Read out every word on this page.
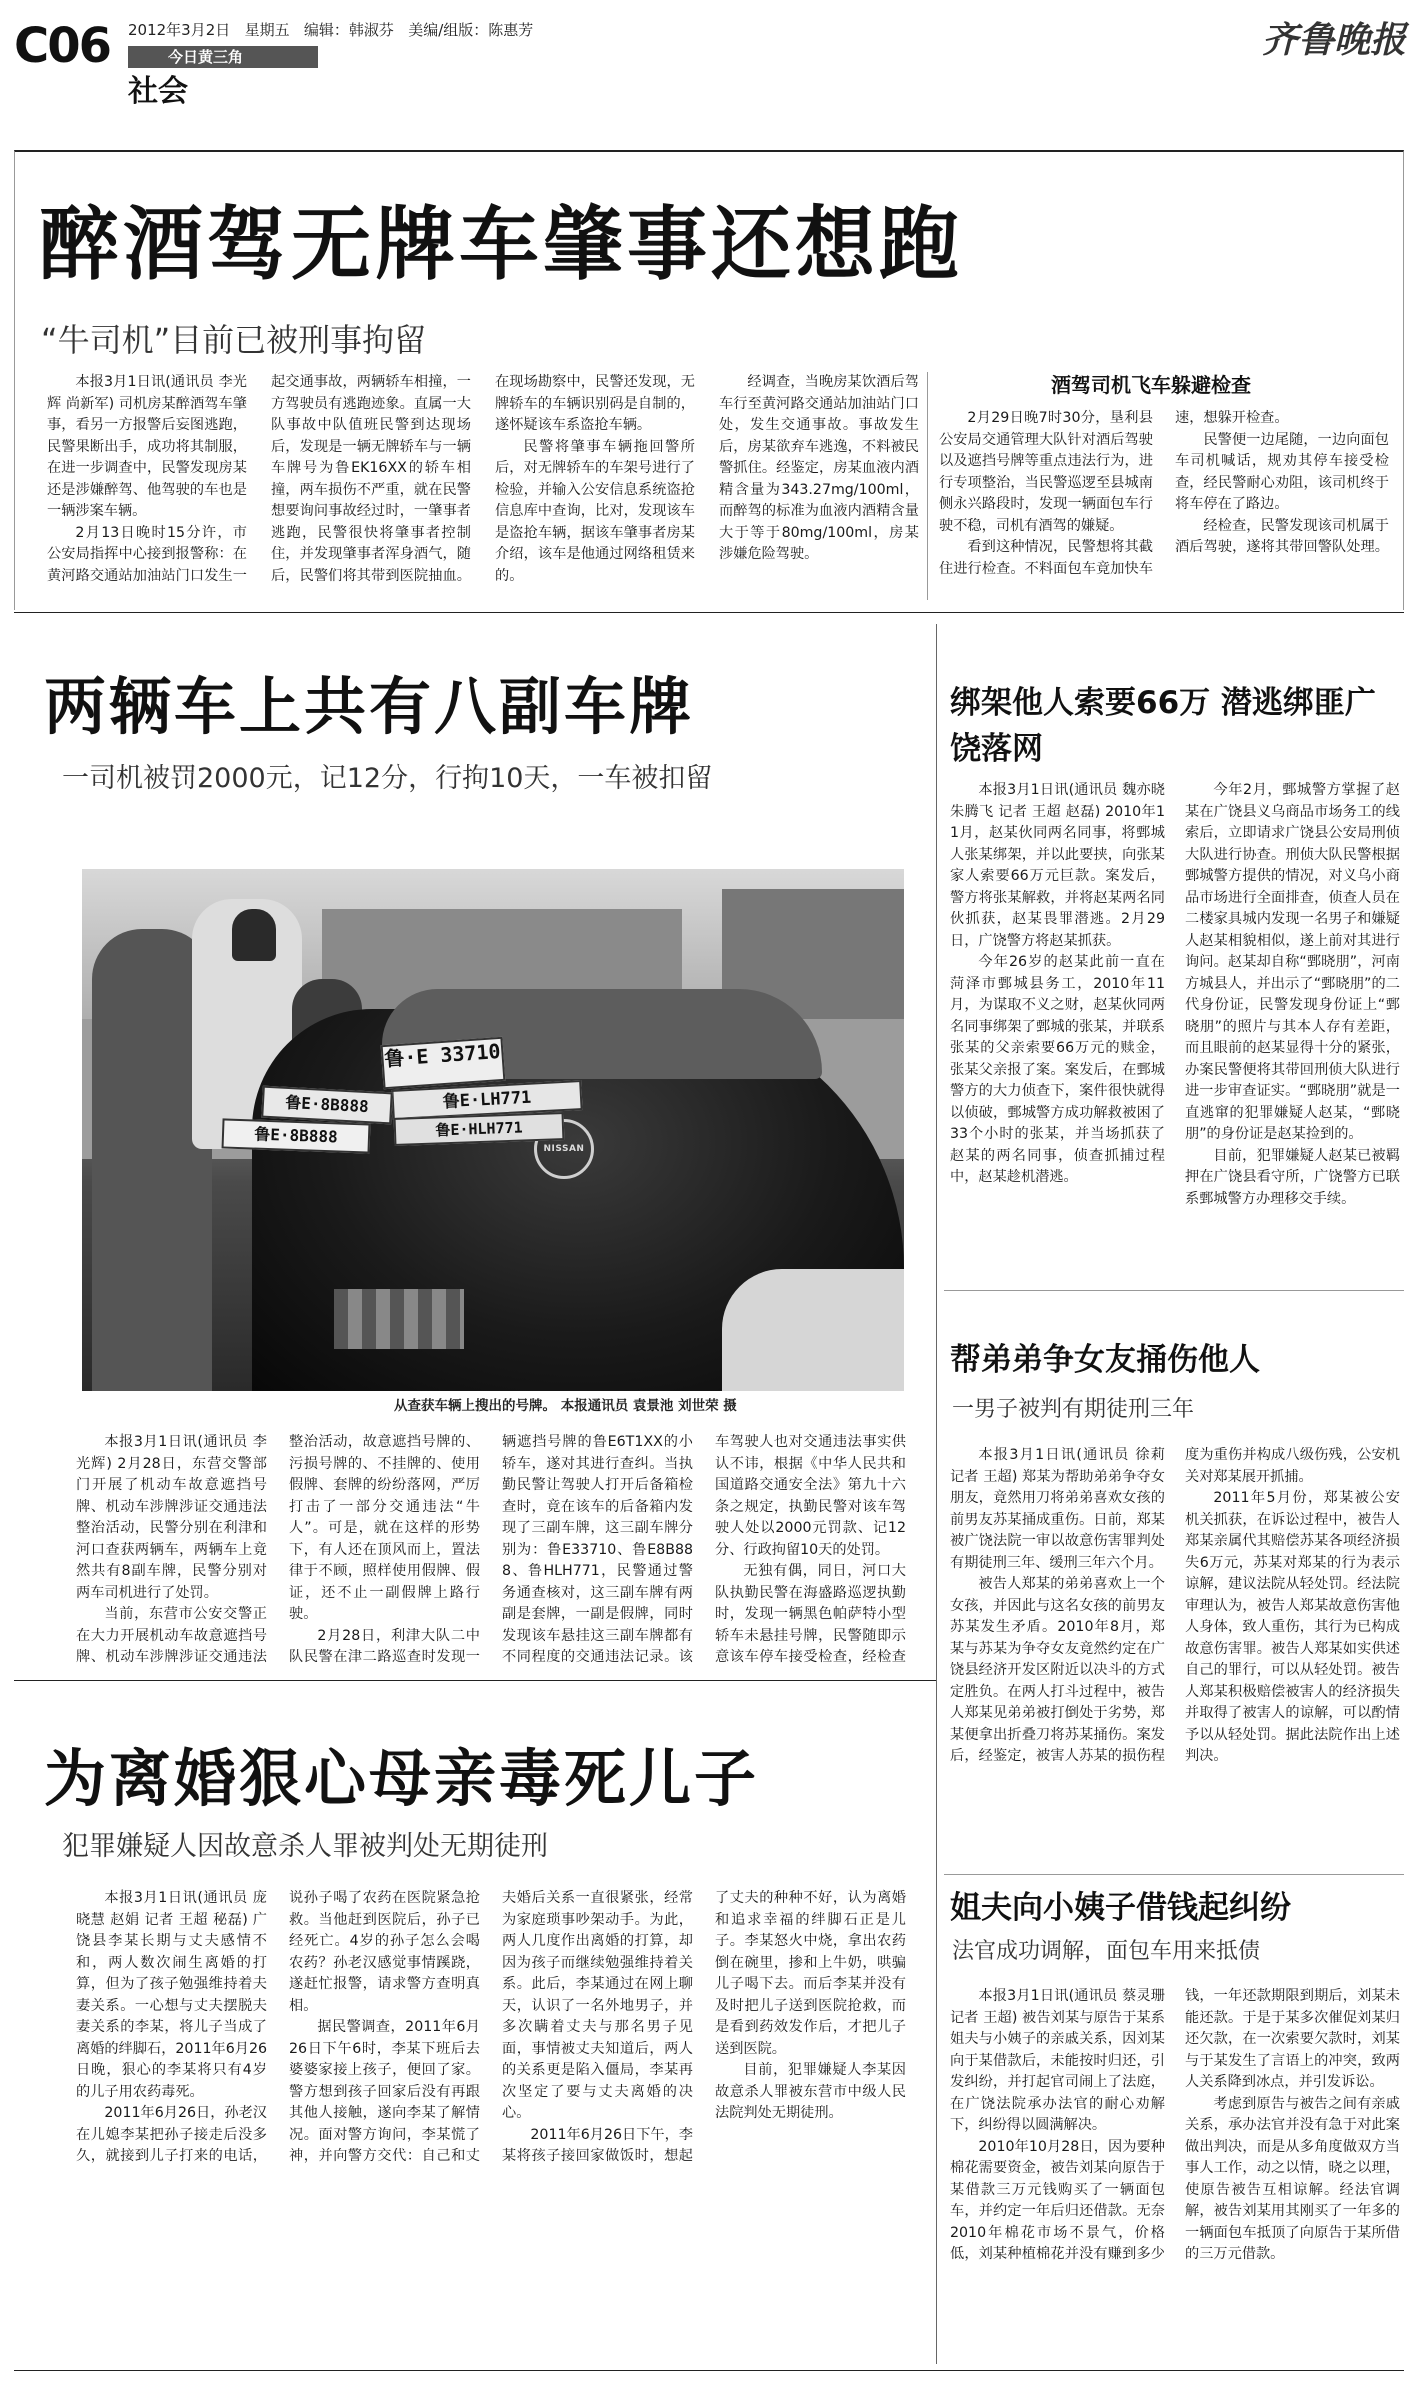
C06 2012年3月2日 星期五 编辑：韩淑芬 美编/组版：陈惠芳
今日黄三角
社会
齐鲁晚报
醉酒驾无牌车肇事还想跑
“牛司机”目前已被刑事拘留

本报3月1日讯(通讯员 李光辉 尚新军) 司机房某醉酒驾车肇事，看另一方报警后妄图逃跑，民警果断出手，成功将其制服，在进一步调查中，民警发现房某还是涉嫌醉驾、他驾驶的车也是一辆涉案车辆。

2月13日晚时15分许，市公安局指挥中心接到报警称：在黄河路交通站加油站门口发生一起交通事故，两辆轿车相撞，一方驾驶员有逃跑迹象。直属一大队事故中队值班民警到达现场后，发现是一辆无牌轿车与一辆车牌号为鲁EK16XX的轿车相撞，两车损伤不严重，就在民警想要询问事故经过时，一肇事者逃跑，民警很快将肇事者控制住，并发现肇事者浑身酒气，随后，民警们将其带到医院抽血。在现场勘察中，民警还发现，无牌轿车的车辆识别码是自制的，遂怀疑该车系盗抢车辆。

民警将肇事车辆拖回警所后，对无牌轿车的车架号进行了检验，并输入公安信息系统盗抢信息库中查询，比对，发现该车是盗抢车辆，据该车肇事者房某介绍，该车是他通过网络租赁来的。

经调查，当晚房某饮酒后驾车行至黄河路交通站加油站门口处，发生交通事故。事故发生后，房某欲弃车逃逸，不料被民警抓住。经鉴定，房某血液内酒精含量为343.27mg/100ml，而醉驾的标准为血液内酒精含量大于等于80mg/100ml，房某涉嫌危险驾驶。

酒驾司机飞车躲避检查

2月29日晚7时30分，垦利县公安局交通管理大队针对酒后驾驶以及遮挡号牌等重点违法行为，进行专项整治，当民警巡逻至县城南侧永兴路段时，发现一辆面包车行驶不稳，司机有酒驾的嫌疑。

看到这种情况，民警想将其截住进行检查。不料面包车竟加快车速，想躲开检查。

民警便一边尾随，一边向面包车司机喊话，规劝其停车接受检查，经民警耐心劝阻，该司机终于将车停在了路边。

经检查，民警发现该司机属于酒后驾驶，遂将其带回警队处理。

两辆车上共有八副车牌
一司机被罚2000元，记12分，行拘10天，一车被扣留
NISSAN
鲁·E 33710
鲁E·LH771
鲁E·8B888
鲁E·8B888	鲁E·HLH771
从查获车辆上搜出的号牌。 本报通讯员 袁景池 刘世荣 摄

本报3月1日讯(通讯员 李光辉) 2月28日，东营交警部门开展了机动车故意遮挡号牌、机动车涉牌涉证交通违法整治活动，民警分别在利津和河口查获两辆车，两辆车上竟然共有8副车牌，民警分别对两车司机进行了处罚。

当前，东营市公安交警正在大力开展机动车故意遮挡号牌、机动车涉牌涉证交通违法整治活动，故意遮挡号牌的、污损号牌的、不挂牌的、使用假牌、套牌的纷纷落网，严厉打击了一部分交通违法“牛人”。可是，就在这样的形势下，有人还在顶风而上，置法律于不顾，照样使用假牌、假证，还不止一副假牌上路行驶。

2月28日，利津大队二中队民警在津二路巡查时发现一辆遮挡号牌的鲁E6T1XX的小轿车，遂对其进行查纠。当执勤民警让驾驶人打开后备箱检查时，竟在该车的后备箱内发现了三副车牌，这三副车牌分别为：鲁E33710、鲁E8B888、鲁HLH771，民警通过警务通查核对，这三副车牌有两副是套牌，一副是假牌，同时发现该车悬挂这三副车牌都有不同程度的交通违法记录。该车驾驶人也对交通违法事实供认不讳，根据《中华人民共和国道路交通安全法》第九十六条之规定，执勤民警对该车驾驶人处以2000元罚款、记12分、行政拘留10天的处罚。

无独有偶，同日，河口大队执勤民警在海盛路巡逻执勤时，发现一辆黑色帕萨特小型轿车未悬挂号牌，民警随即示意该车停车接受检查，经检查

绑架他人索要66万 潜逃绑匪广饶落网

本报3月1日讯(通讯员 魏亦晓 朱腾飞 记者 王超 赵磊) 2010年11月，赵某伙同两名同事，将鄄城人张某绑架，并以此要挟，向张某家人索要66万元巨款。案发后，警方将张某解救，并将赵某两名同伙抓获，赵某畏罪潜逃。2月29日，广饶警方将赵某抓获。

今年26岁的赵某此前一直在菏泽市鄄城县务工，2010年11月，为谋取不义之财，赵某伙同两名同事绑架了鄄城的张某，并联系张某的父亲索要66万元的赎金，张某父亲报了案。案发后，在鄄城警方的大力侦查下，案件很快就得以侦破，鄄城警方成功解救被困了33个小时的张某，并当场抓获了赵某的两名同事，侦查抓捕过程中，赵某趁机潜逃。

今年2月，鄄城警方掌握了赵某在广饶县义乌商品市场务工的线索后，立即请求广饶县公安局刑侦大队进行协查。刑侦大队民警根据鄄城警方提供的情况，对义乌小商品市场进行全面排查，侦查人员在二楼家具城内发现一名男子和嫌疑人赵某相貌相似，遂上前对其进行询问。赵某却自称“鄄晓朋”，河南方城县人，并出示了“鄄晓朋”的二代身份证，民警发现身份证上“鄄晓朋”的照片与其本人存有差距，而且眼前的赵某显得十分的紧张，办案民警便将其带回刑侦大队进行进一步审查证实。“鄄晓朋”就是一直逃窜的犯罪嫌疑人赵某，“鄄晓朋”的身份证是赵某捡到的。

目前，犯罪嫌疑人赵某已被羁押在广饶县看守所，广饶警方已联系鄄城警方办理移交手续。

帮弟弟争女友捅伤他人
一男子被判有期徒刑三年

本报3月1日讯(通讯员 徐莉 记者 王超) 郑某为帮助弟弟争夺女朋友，竟然用刀将弟弟喜欢女孩的前男友苏某捅成重伤。日前，郑某被广饶法院一审以故意伤害罪判处有期徒刑三年、缓刑三年六个月。

被告人郑某的弟弟喜欢上一个女孩，并因此与这名女孩的前男友苏某发生矛盾。2010年8月，郑某与苏某为争夺女友竟然约定在广饶县经济开发区附近以决斗的方式定胜负。在两人打斗过程中，被告人郑某见弟弟被打倒处于劣势，郑某便拿出折叠刀将苏某捅伤。案发后，经鉴定，被害人苏某的损伤程度为重伤并构成八级伤残，公安机关对郑某展开抓捕。

2011年5月份，郑某被公安机关抓获，在诉讼过程中，被告人郑某亲属代其赔偿苏某各项经济损失6万元，苏某对郑某的行为表示谅解，建议法院从轻处罚。经法院审理认为，被告人郑某故意伤害他人身体，致人重伤，其行为已构成故意伤害罪。被告人郑某如实供述自己的罪行，可以从轻处罚。被告人郑某积极赔偿被害人的经济损失并取得了被害人的谅解，可以酌情予以从轻处罚。据此法院作出上述判决。

姐夫向小姨子借钱起纠纷
法官成功调解，面包车用来抵债

本报3月1日讯(通讯员 蔡灵珊 记者 王超) 被告刘某与原告于某系姐夫与小姨子的亲戚关系，因刘某向于某借款后，未能按时归还，引发纠纷，并打起官司闹上了法庭，在广饶法院承办法官的耐心劝解下，纠纷得以圆满解决。

2010年10月28日，因为要种棉花需要资金，被告刘某向原告于某借款三万元钱购买了一辆面包车，并约定一年后归还借款。无奈2010年棉花市场不景气，价格低，刘某种植棉花并没有赚到多少钱，一年还款期限到期后，刘某未能还款。于是于某多次催促刘某归还欠款，在一次索要欠款时，刘某与于某发生了言语上的冲突，致两人关系降到冰点，并引发诉讼。

考虑到原告与被告之间有亲戚关系，承办法官并没有急于对此案做出判决，而是从多角度做双方当事人工作，动之以情，晓之以理，使原告被告互相谅解。经法官调解，被告刘某用其刚买了一年多的一辆面包车抵顶了向原告于某所借的三万元借款。

为离婚狠心母亲毒死儿子
犯罪嫌疑人因故意杀人罪被判处无期徒刑

本报3月1日讯(通讯员 庞晓慧 赵娟 记者 王超 秘磊) 广饶县李某长期与丈夫感情不和，两人数次闹生离婚的打算，但为了孩子勉强维持着夫妻关系。一心想与丈夫摆脱夫妻关系的李某，将儿子当成了离婚的绊脚石，2011年6月26日晚，狠心的李某将只有4岁的儿子用农药毒死。

2011年6月26日，孙老汉在儿媳李某把孙子接走后没多久，就接到儿子打来的电话，说孙子喝了农药在医院紧急抢救。当他赶到医院后，孙子已经死亡。4岁的孙子怎么会喝农药？孙老汉感觉事情蹊跷，遂赶忙报警，请求警方查明真相。

据民警调查，2011年6月26日下午6时，李某下班后去婆婆家接上孩子，便回了家。警方想到孩子回家后没有再跟其他人接触，遂向李某了解情况。面对警方询问，李某慌了神，并向警方交代：自己和丈夫婚后关系一直很紧张，经常为家庭琐事吵架动手。为此，两人几度作出离婚的打算，却因为孩子而继续勉强维持着关系。此后，李某通过在网上聊天，认识了一名外地男子，并多次瞒着丈夫与那名男子见面，事情被丈夫知道后，两人的关系更是陷入僵局，李某再次坚定了要与丈夫离婚的决心。

2011年6月26日下午，李某将孩子接回家做饭时，想起了丈夫的种种不好，认为离婚和追求幸福的绊脚石正是儿子。李某怒火中烧，拿出农药倒在碗里，掺和上牛奶，哄骗儿子喝下去。而后李某并没有及时把儿子送到医院抢救，而是看到药效发作后，才把儿子送到医院。

目前，犯罪嫌疑人李某因故意杀人罪被东营市中级人民法院判处无期徒刑。
